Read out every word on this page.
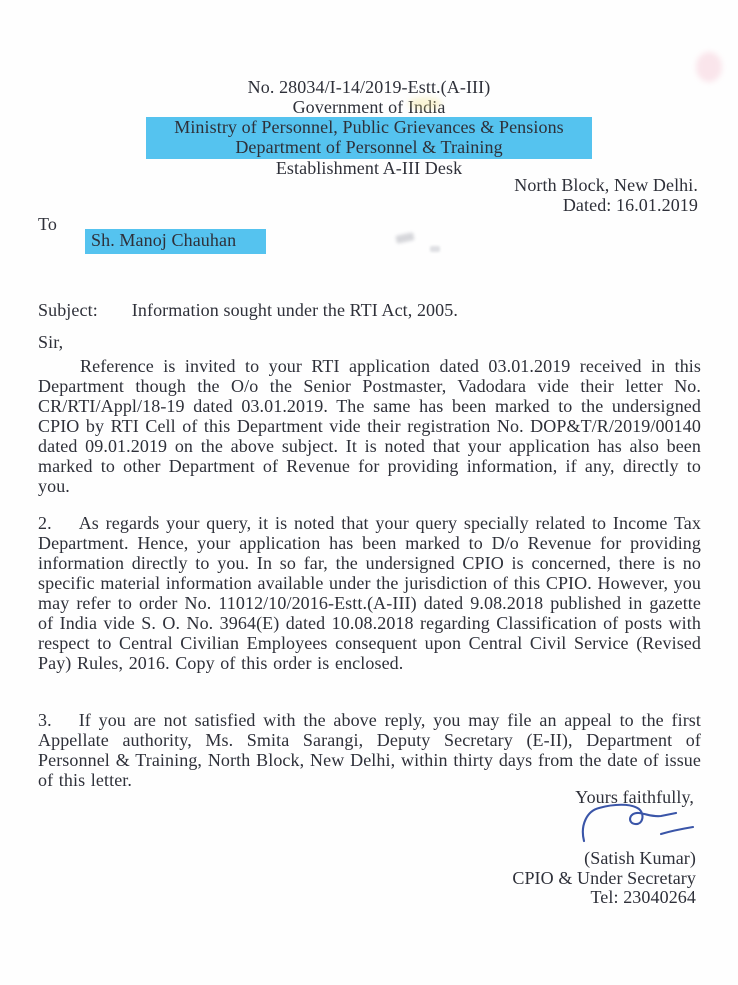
No. 28034/I-14/2019-Estt.(A-III)
Government of India
Ministry of Personnel, Public Grievances & Pensions
Department of Personnel & Training
Establishment A-III Desk
North Block, New Delhi.
Dated: 16.01.2019
To
Sh. Manoj Chauhan
Subject: Information sought under the RTI Act, 2005.
Sir,

Reference is invited to your RTI application dated 03.01.2019 received in this Department though the O/o the Senior Postmaster, Vadodara vide their letter No. CR/RTI/Appl/18-19 dated 03.01.2019. The same has been marked to the undersigned CPIO by RTI Cell of this Department vide their registration No. DOP&T/R/2019/00140 dated 09.01.2019 on the above subject. It is noted that your application has also been marked to other Department of Revenue for providing information, if any, directly to you.

2. As regards your query, it is noted that your query specially related to Income Tax Department. Hence, your application has been marked to D/o Revenue for providing information directly to you. In so far, the undersigned CPIO is concerned, there is no specific material information available under the jurisdiction of this CPIO. However, you may refer to order No. 11012/10/2016-Estt.(A-III) dated 9.08.2018 published in gazette of India vide S. O. No. 3964(E) dated 10.08.2018 regarding Classification of posts with respect to Central Civilian Employees consequent upon Central Civil Service (Revised Pay) Rules, 2016. Copy of this order is enclosed.

3. If you are not satisfied with the above reply, you may file an appeal to the first Appellate authority, Ms. Smita Sarangi, Deputy Secretary (E-II), Department of Personnel & Training, North Block, New Delhi, within thirty days from the date of issue of this letter.

Yours faithfully,
(Satish Kumar)
CPIO & Under Secretary
Tel: 23040264
